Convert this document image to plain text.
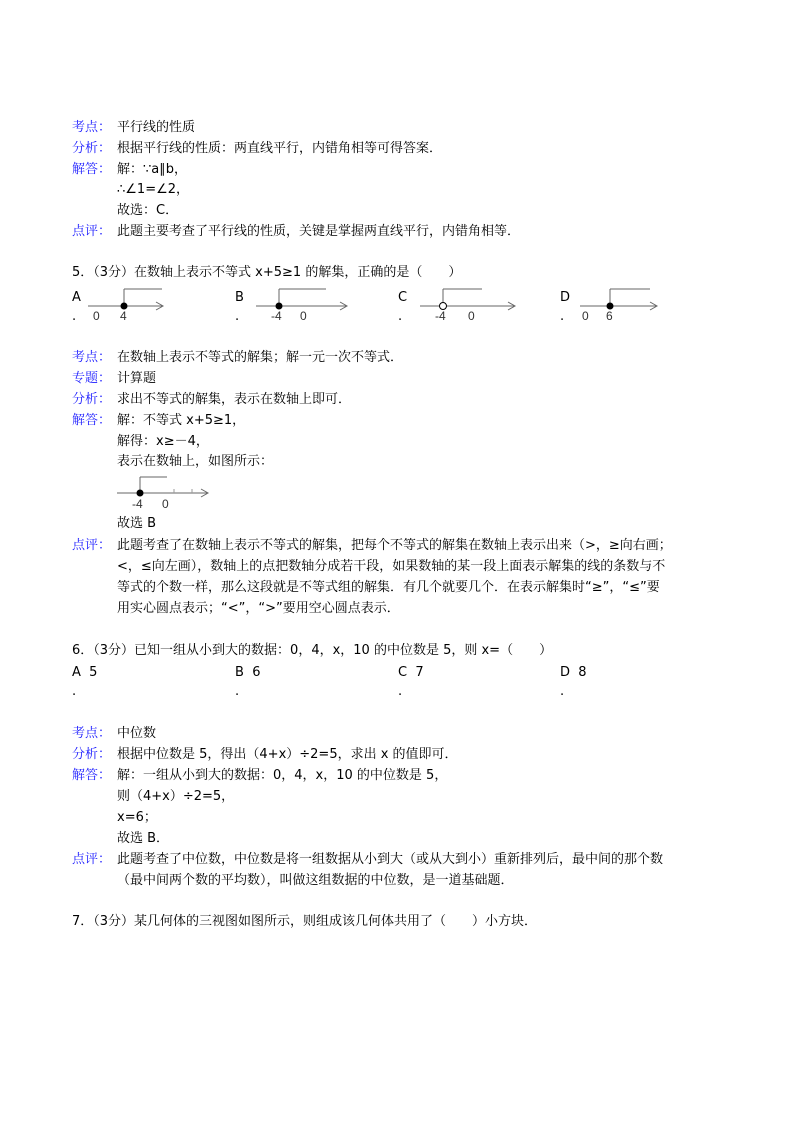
考点： 平行线的性质
分析： 根据平行线的性质：两直线平行，内错角相等可得答案．
解答： 解：∵a∥b，
∴∠1=∠2，
故选：C．
点评： 此题主要考查了平行线的性质，关键是掌握两直线平行，内错角相等．
5．（3分）在数轴上表示不等式 x+5≥1 的解集，正确的是（　　）
A
. 0 4
B
.	-4 0
C
.	-4 0
D
. 0 6
考点： 在数轴上表示不等式的解集；解一元一次不等式．
专题： 计算题
分析： 求出不等式的解集，表示在数轴上即可．
解答： 解：不等式 x+5≥1，
解得：x≥－4，
表示在数轴上，如图所示：
-4 0
故选 B
点评： 此题考查了在数轴上表示不等式的解集，把每个不等式的解集在数轴上表示出来（>，≥向右画；
<，≤向左画），数轴上的点把数轴分成若干段，如果数轴的某一段上面表示解集的线的条数与不
等式的个数一样，那么这段就是不等式组的解集．有几个就要几个．在表示解集时“≥”，“≤”要
用实心圆点表示；“<”，“>”要用空心圆点表示．
6．（3分）已知一组从小到大的数据：0，4，x，10 的中位数是 5，则 x=（　　）
A 5
.
B 6
.
C 7
.
D 8
.
考点： 中位数
分析： 根据中位数是 5，得出（4+x）÷2=5，求出 x 的值即可．
解答： 解：一组从小到大的数据：0，4，x，10 的中位数是 5，
则（4+x）÷2=5，
x=6；
故选 B．
点评： 此题考查了中位数，中位数是将一组数据从小到大（或从大到小）重新排列后，最中间的那个数
（最中间两个数的平均数），叫做这组数据的中位数，是一道基础题．
7．（3分）某几何体的三视图如图所示，则组成该几何体共用了（　　）小方块．
